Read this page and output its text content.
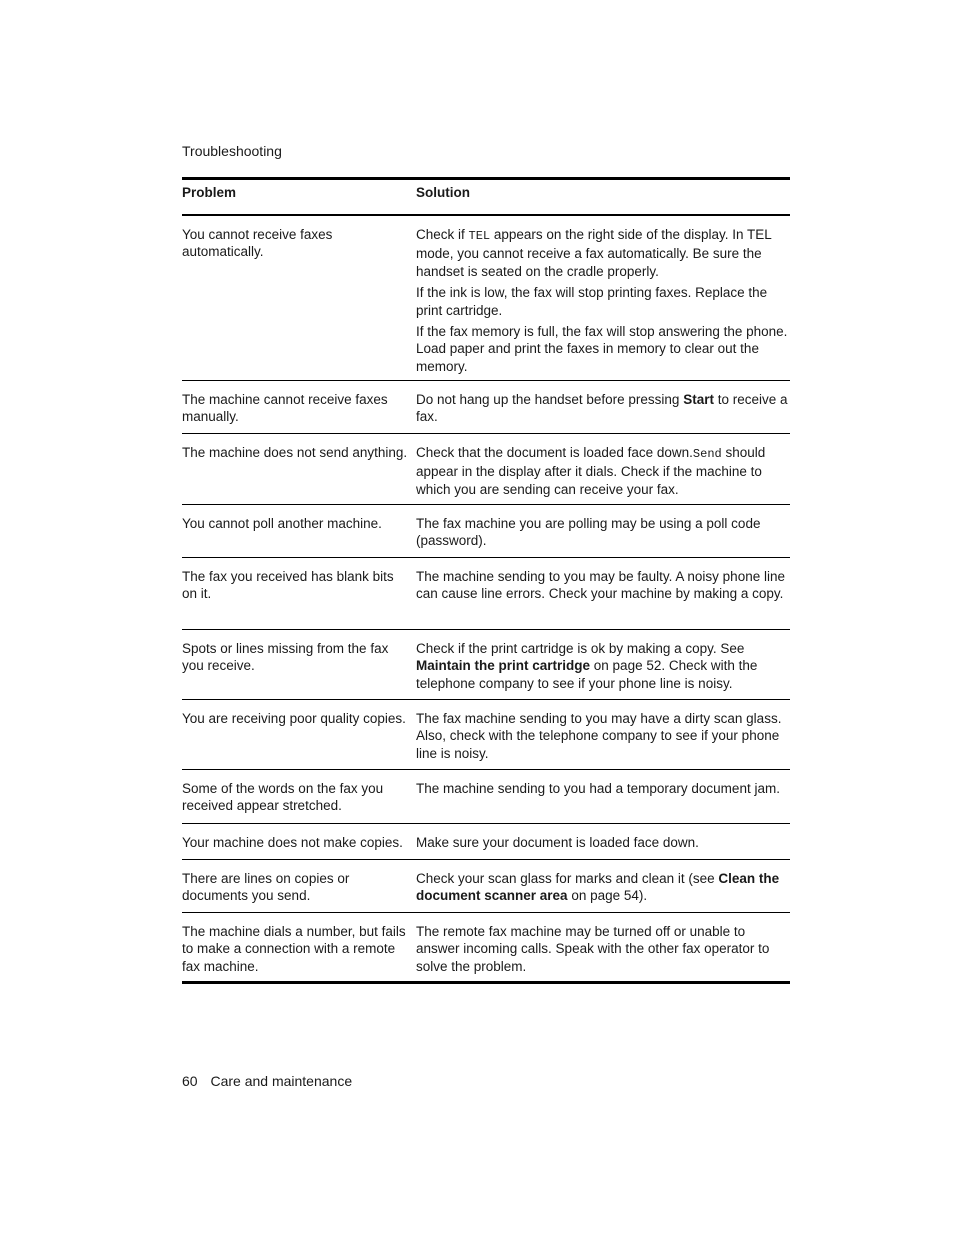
Troubleshooting
Problem	Solution
You cannot receive faxes automatically.

Check if TEL appears on the right side of the display. In TEL mode, you cannot receive a fax automatically. Be sure the handset is seated on the cradle properly.

If the ink is low, the fax will stop printing faxes. Replace the print cartridge.

If the fax memory is full, the fax will stop answering the phone. Load paper and print the faxes in memory to clear out the memory.

The machine cannot receive faxes manually.

Do not hang up the handset before pressing Start to receive a fax.

The machine does not send anything. Check that the document is loaded face down.Send should appear in the display after it dials. Check if the machine to which you are sending can receive your fax.

You cannot poll another machine.	The fax machine you are polling may be using a poll code (password).

The fax you received has blank bits on it.

The machine sending to you may be faulty. A noisy phone line can cause line errors. Check your machine by making a copy.

Spots or lines missing from the fax you receive.

Check if the print cartridge is ok by making a copy. See Maintain the print cartridge on page 52. Check with the telephone company to see if your phone line is noisy.

You are receiving poor quality copies. The fax machine sending to you may have a dirty scan glass. Also, check with the telephone company to see if your phone line is noisy.

Some of the words on the fax you received appear stretched.

The machine sending to you had a temporary document jam.

Your machine does not make copies. Make sure your document is loaded face down.

There are lines on copies or documents you send.

Check your scan glass for marks and clean it (see Clean the document scanner area on page 54).

The machine dials a number, but fails to make a connection with a remote fax machine.

The remote fax machine may be turned off or unable to answer incoming calls. Speak with the other fax operator to solve the problem.

60 Care and maintenance
